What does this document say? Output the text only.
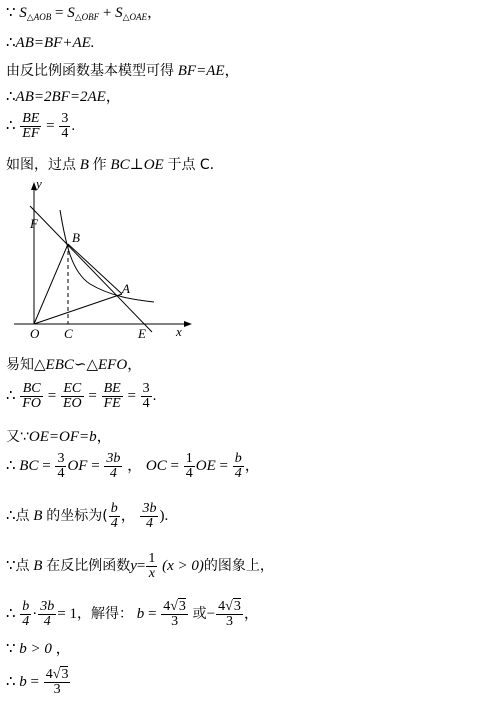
∵ $S_{\triangle AOB} = S_{\triangle OBF} + S_{\triangle OAE}$，
∴AB=BF+AE.
由反比例函数基本模型可得 BF=AE，
∴AB=2BF=2AE，
∴ $\frac{BE}{EF} = \frac{3}{4}$ .
如图，过点 B 作 BC⊥OE 于点 C.
y
F
B
A
O C	E x
易知△EBC∽△EFO，
∴ $\frac{BC}{FO} = \frac{EC}{EO} = \frac{BE}{FE} = \frac{3}{4}$ .
又∵OE=OF=b，
∴ BC = $\frac{3}{4}$ OF = $\frac{3b}{4}$ ， OC = $\frac{1}{4}$ OE = $\frac{b}{4}$ ，
∴点 B 的坐标为( $\frac{b}{4}$ ， $\frac{3b}{4}$ ).
∵点 B 在反比例函数$y= \frac{1}{x} (x > 0)$的图象上，
∴ $\frac{b}{4} \cdot \frac{3b}{4} = 1$，解得： $b = \frac{4√3}{3}$ 或− $\frac{4√3}{3}$ ，
∵ b > 0 ，
∴ $b = \frac{4√3}{3}$
